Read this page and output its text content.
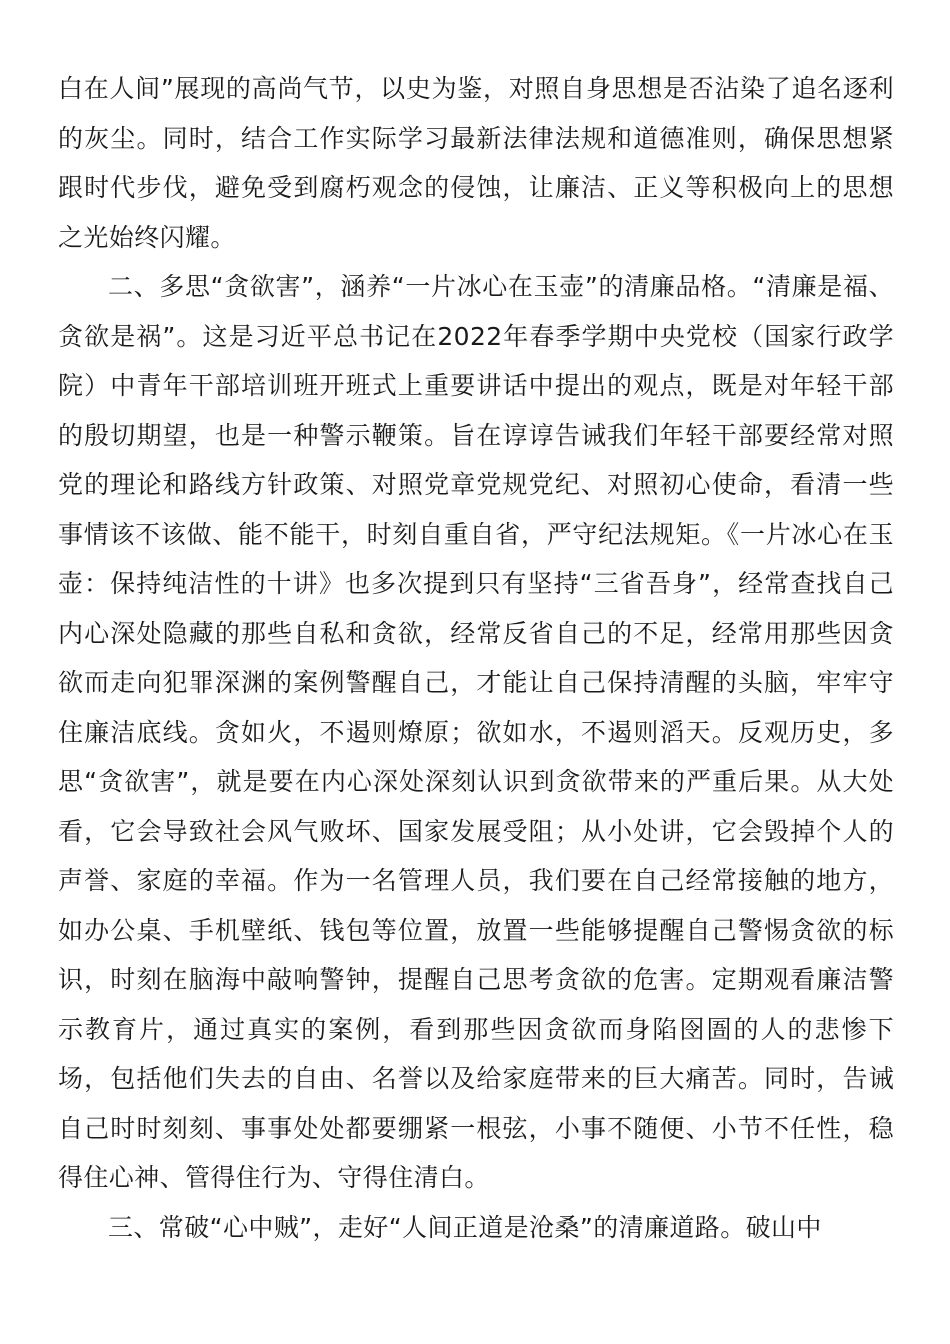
白在人间”展现的高尚气节，以史为鉴，对照自身思想是否沾染了追名逐利的灰尘。同时，结合工作实际学习最新法律法规和道德准则，确保思想紧跟时代步伐，避免受到腐朽观念的侵蚀，让廉洁、正义等积极向上的思想之光始终闪耀。

二、多思“贪欲害”，涵养“一片冰心在玉壶”的清廉品格。“清廉是福、贪欲是祸”。这是习近平总书记在2022年春季学期中央党校（国家行政学院）中青年干部培训班开班式上重要讲话中提出的观点，既是对年轻干部的殷切期望，也是一种警示鞭策。旨在谆谆告诫我们年轻干部要经常对照党的理论和路线方针政策、对照党章党规党纪、对照初心使命，看清一些事情该不该做、能不能干，时刻自重自省，严守纪法规矩。《一片冰心在玉壶：保持纯洁性的十讲》也多次提到只有坚持“三省吾身”，经常查找自己内心深处隐藏的那些自私和贪欲，经常反省自己的不足，经常用那些因贪欲而走向犯罪深渊的案例警醒自己，才能让自己保持清醒的头脑，牢牢守住廉洁底线。贪如火，不遏则燎原；欲如水，不遏则滔天。反观历史，多思“贪欲害”，就是要在内心深处深刻认识到贪欲带来的严重后果。从大处看，它会导致社会风气败坏、国家发展受阻；从小处讲，它会毁掉个人的声誉、家庭的幸福。作为一名管理人员，我们要在自己经常接触的地方，如办公桌、手机壁纸、钱包等位置，放置一些能够提醒自己警惕贪欲的标识，时刻在脑海中敲响警钟，提醒自己思考贪欲的危害。定期观看廉洁警示教育片，通过真实的案例，看到那些因贪欲而身陷囹圄的人的悲惨下场，包括他们失去的自由、名誉以及给家庭带来的巨大痛苦。同时，告诫自己时时刻刻、事事处处都要绷紧一根弦，小事不随便、小节不任性，稳得住心神、管得住行为、守得住清白。

三、常破“心中贼”，走好“人间正道是沧桑”的清廉道路。破山中
